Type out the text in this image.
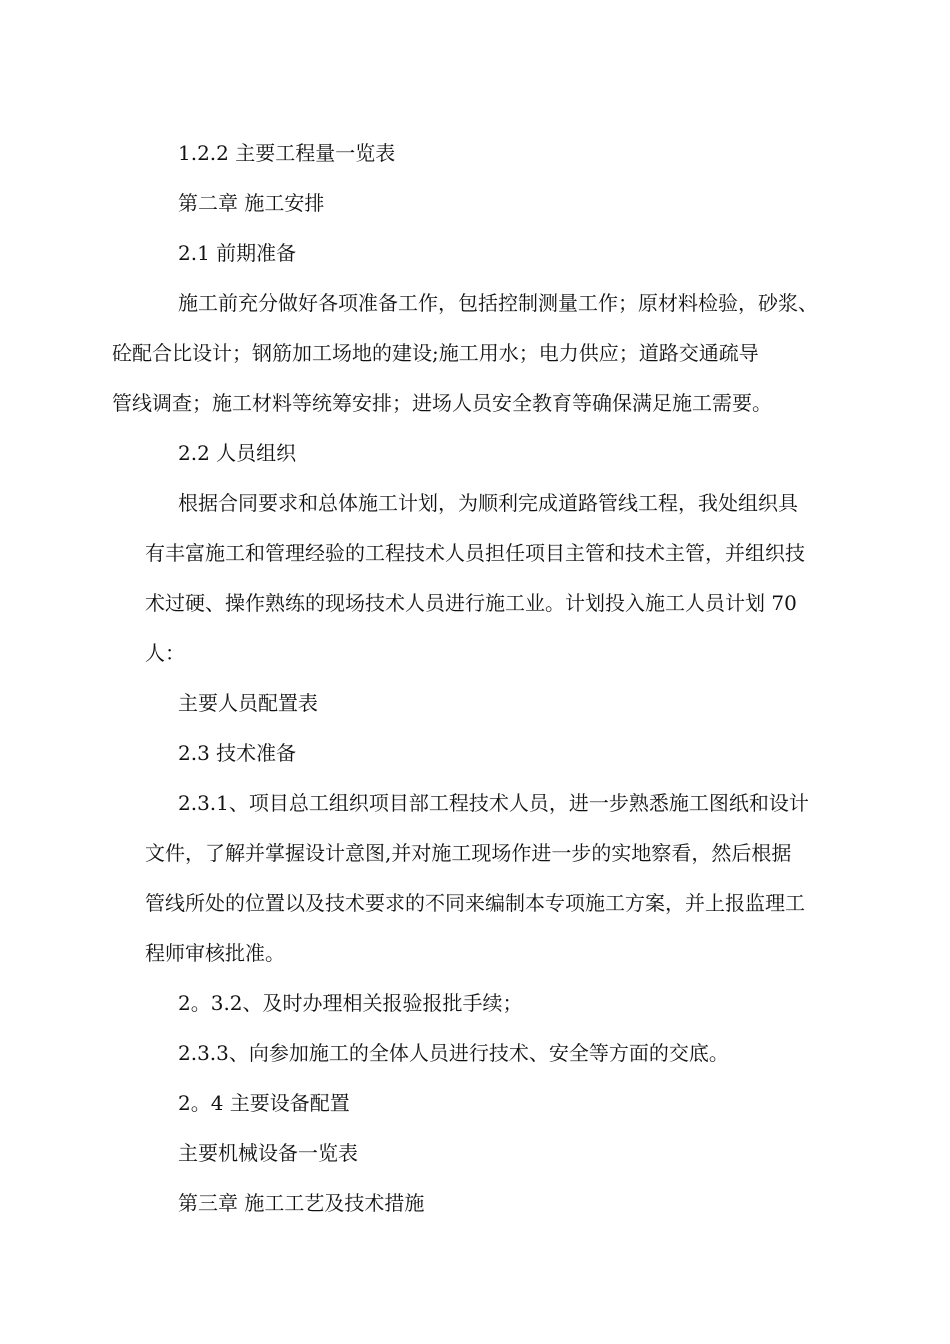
1.2.2 主要工程量一览表

第二章 施工安排

2.1 前期准备

施工前充分做好各项准备工作，包括控制测量工作；原材料检验，砂浆、
砼配合比设计；钢筋加工场地的建设;施工用水；电力供应；道路交通疏导
管线调查；施工材料等统筹安排；进场人员安全教育等确保满足施工需要。

2.2 人员组织

根据合同要求和总体施工计划，为顺利完成道路管线工程，我处组织具
有丰富施工和管理经验的工程技术人员担任项目主管和技术主管，并组织技
术过硬、操作熟练的现场技术人员进行施工业。计划投入施工人员计划 70
人：

主要人员配置表

2.3 技术准备

2.3.1、项目总工组织项目部工程技术人员，进一步熟悉施工图纸和设计
文件，了解并掌握设计意图,并对施工现场作进一步的实地察看，然后根据
管线所处的位置以及技术要求的不同来编制本专项施工方案，并上报监理工
程师审核批准。

2。3.2、及时办理相关报验报批手续；

2.3.3、向参加施工的全体人员进行技术、安全等方面的交底。

2。4 主要设备配置

主要机械设备一览表

第三章 施工工艺及技术措施
